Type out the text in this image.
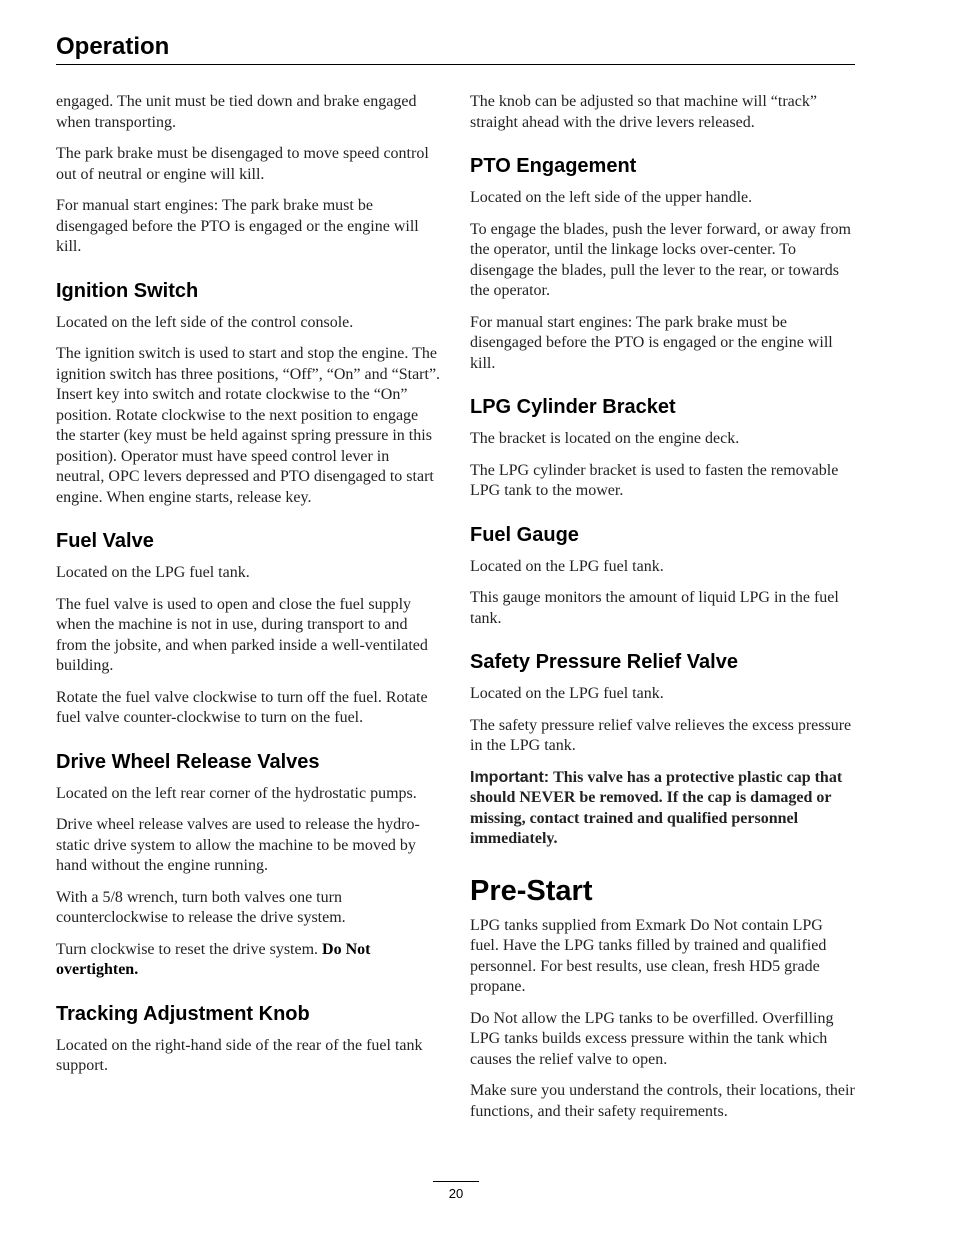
Operation

engaged. The unit must be tied down and brake engaged when transporting.

The park brake must be disengaged to move speed control out of neutral or engine will kill.

For manual start engines: The park brake must be disengaged before the PTO is engaged or the engine will kill.

Ignition Switch

Located on the left side of the control console.

The ignition switch is used to start and stop the engine. The ignition switch has three positions, “Off”, “On” and “Start”. Insert key into switch and rotate clockwise to the “On” position. Rotate clockwise to the next position to engage the starter (key must be held against spring pressure in this position). Operator must have speed control lever in neutral, OPC levers depressed and PTO disengaged to start engine. When engine starts, release key.

Fuel Valve

Located on the LPG fuel tank.

The fuel valve is used to open and close the fuel supply when the machine is not in use, during transport to and from the jobsite, and when parked inside a well-ventilated building.

Rotate the fuel valve clockwise to turn off the fuel. Rotate fuel valve counter-clockwise to turn on the fuel.

Drive Wheel Release Valves

Located on the left rear corner of the hydrostatic pumps.

Drive wheel release valves are used to release the hydro-static drive system to allow the machine to be moved by hand without the engine running.

With a 5/8 wrench, turn both valves one turn counterclockwise to release the drive system.

Turn clockwise to reset the drive system. Do Not overtighten.

Tracking Adjustment Knob

Located on the right-hand side of the rear of the fuel tank support.

The knob can be adjusted so that machine will “track” straight ahead with the drive levers released.

PTO Engagement

Located on the left side of the upper handle.

To engage the blades, push the lever forward, or away from the operator, until the linkage locks over-center. To disengage the blades, pull the lever to the rear, or towards the operator.

For manual start engines: The park brake must be disengaged before the PTO is engaged or the engine will kill.

LPG Cylinder Bracket

The bracket is located on the engine deck.

The LPG cylinder bracket is used to fasten the removable LPG tank to the mower.

Fuel Gauge

Located on the LPG fuel tank.

This gauge monitors the amount of liquid LPG in the fuel tank.

Safety Pressure Relief Valve

Located on the LPG fuel tank.

The safety pressure relief valve relieves the excess pressure in the LPG tank.

Important: This valve has a protective plastic cap that should NEVER be removed. If the cap is damaged or missing, contact trained and qualified personnel immediately.

Pre-Start

LPG tanks supplied from Exmark Do Not contain LPG fuel. Have the LPG tanks filled by trained and qualified personnel. For best results, use clean, fresh HD5 grade propane.

Do Not allow the LPG tanks to be overfilled. Overfilling LPG tanks builds excess pressure within the tank which causes the relief valve to open.

Make sure you understand the controls, their locations, their functions, and their safety requirements.

20
